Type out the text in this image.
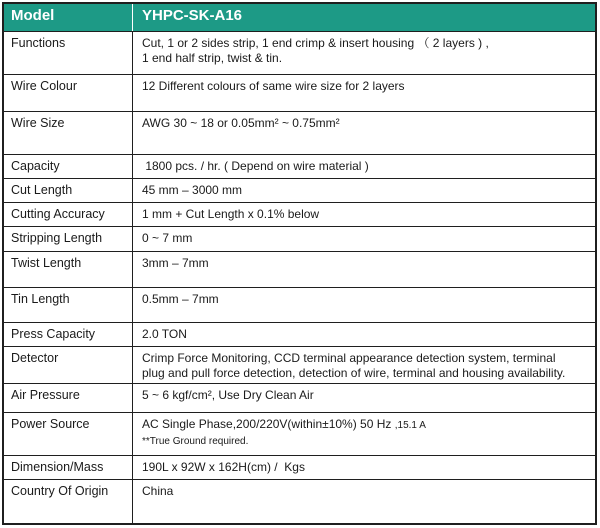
Model	YHPC-SK-A16
Functions	Cut, 1 or 2 sides strip, 1 end crimp & insert housing （ 2 layers ) ,
1 end half strip, twist & tin.
Wire Colour	12 Different colours of same wire size for 2 layers
Wire Size	AWG 30 ~ 18 or 0.05mm² ~ 0.75mm²
Capacity	1800 pcs. / hr. ( Depend on wire material )
Cut Length	45 mm – 3000 mm
Cutting Accuracy	1 mm + Cut Length x 0.1% below
Stripping Length	0 ~ 7 mm
Twist Length	3mm – 7mm
Tin Length	0.5mm – 7mm
Press Capacity	2.0 TON
Detector	Crimp Force Monitoring, CCD terminal appearance detection system, terminal
plug and pull force detection, detection of wire, terminal and housing availability.
Air Pressure	5 ~ 6 kgf/cm², Use Dry Clean Air
Power Source	AC Single Phase,200/220V(within±10%) 50 Hz ,15.1 A
**True Ground required.
Dimension/Mass	190L x 92W x 162H(cm) /  Kgs
Country Of Origin	China
